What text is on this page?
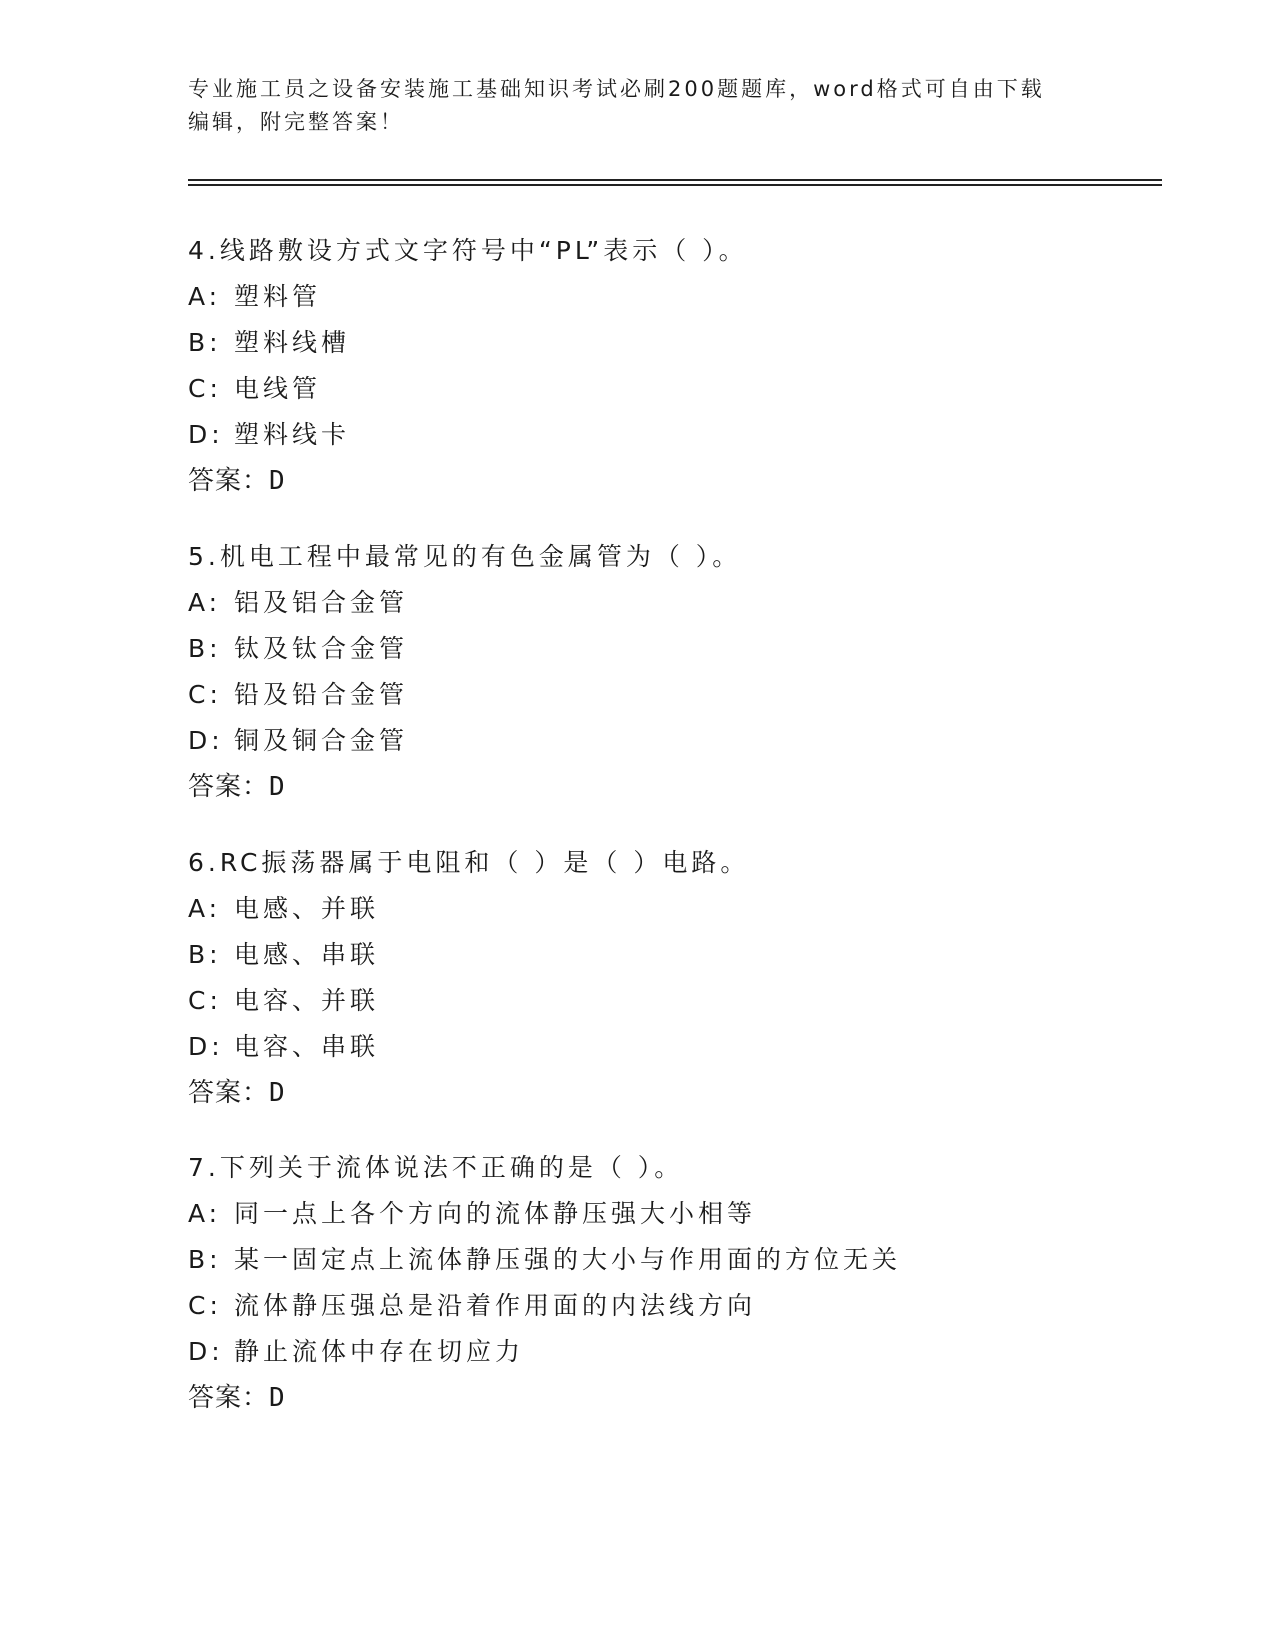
专业施工员之设备安装施工基础知识考试必刷200题题库，word格式可自由下载
编辑，附完整答案！
4.线路敷设方式文字符号中“PL”表示（ ）。
A: 塑料管
B: 塑料线槽
C: 电线管
D: 塑料线卡
答案：D
5.机电工程中最常见的有色金属管为（ ）。
A: 铝及铝合金管
B: 钛及钛合金管
C: 铅及铅合金管
D: 铜及铜合金管
答案：D
6.RC振荡器属于电阻和（ ）是（ ）电路。
A: 电感、并联
B: 电感、串联
C: 电容、并联
D: 电容、串联
答案：D
7.下列关于流体说法不正确的是（ ）。
A: 同一点上各个方向的流体静压强大小相等
B: 某一固定点上流体静压强的大小与作用面的方位无关
C: 流体静压强总是沿着作用面的内法线方向
D: 静止流体中存在切应力
答案：D
